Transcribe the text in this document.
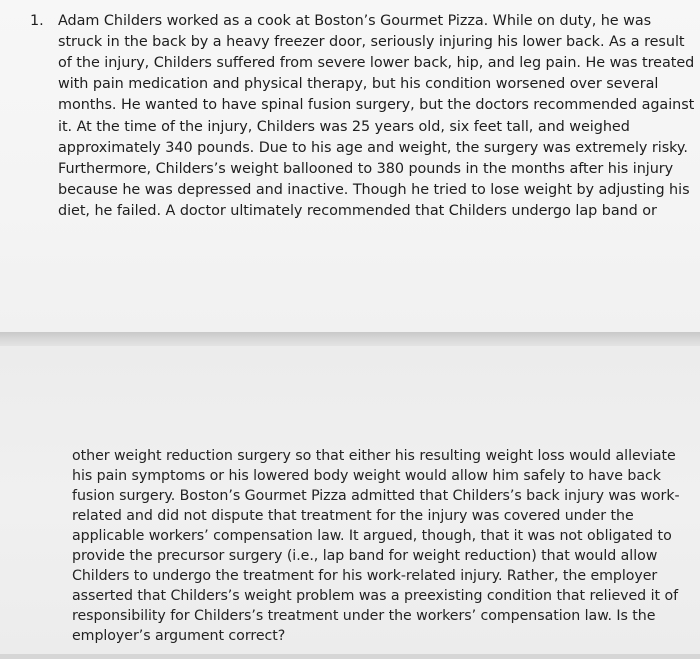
1. Adam Childers worked as a cook at Boston’s Gourmet Pizza. While on duty, he was
struck in the back by a heavy freezer door, seriously injuring his lower back. As a result
of the injury, Childers suffered from severe lower back, hip, and leg pain. He was treated
with pain medication and physical therapy, but his condition worsened over several
months. He wanted to have spinal fusion surgery, but the doctors recommended against
it. At the time of the injury, Childers was 25 years old, six feet tall, and weighed
approximately 340 pounds. Due to his age and weight, the surgery was extremely risky.
Furthermore, Childers’s weight ballooned to 380 pounds in the months after his injury
because he was depressed and inactive. Though he tried to lose weight by adjusting his
diet, he failed. A doctor ultimately recommended that Childers undergo lap band or
other weight reduction surgery so that either his resulting weight loss would alleviate
his pain symptoms or his lowered body weight would allow him safely to have back
fusion surgery. Boston’s Gourmet Pizza admitted that Childers’s back injury was work-
related and did not dispute that treatment for the injury was covered under the
applicable workers’ compensation law. It argued, though, that it was not obligated to
provide the precursor surgery (i.e., lap band for weight reduction) that would allow
Childers to undergo the treatment for his work-related injury. Rather, the employer
asserted that Childers’s weight problem was a preexisting condition that relieved it of
responsibility for Childers’s treatment under the workers’ compensation law. Is the
employer’s argument correct?
